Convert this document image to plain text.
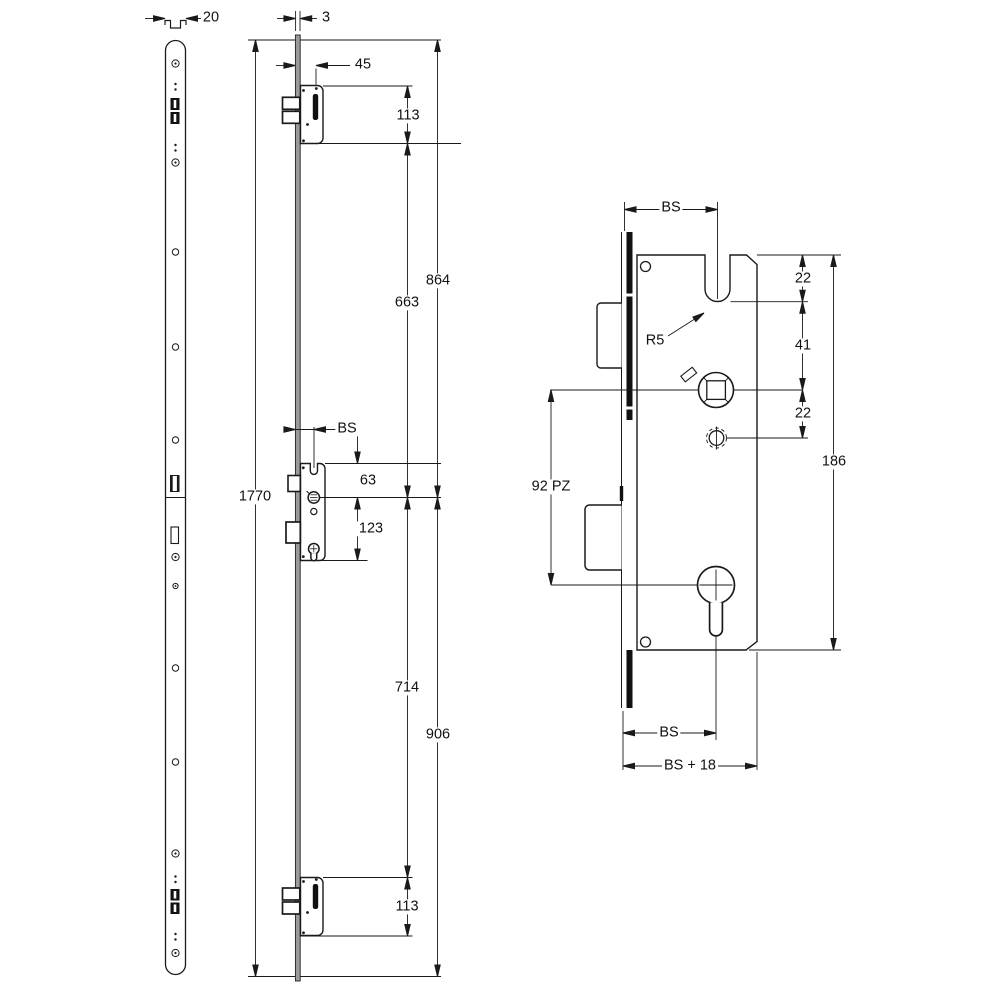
20	3
45
113
864
663
1770
BS
63
123
714
906
113
BS
22
R5	41
22
186
92 PZ
BS
BS + 18
